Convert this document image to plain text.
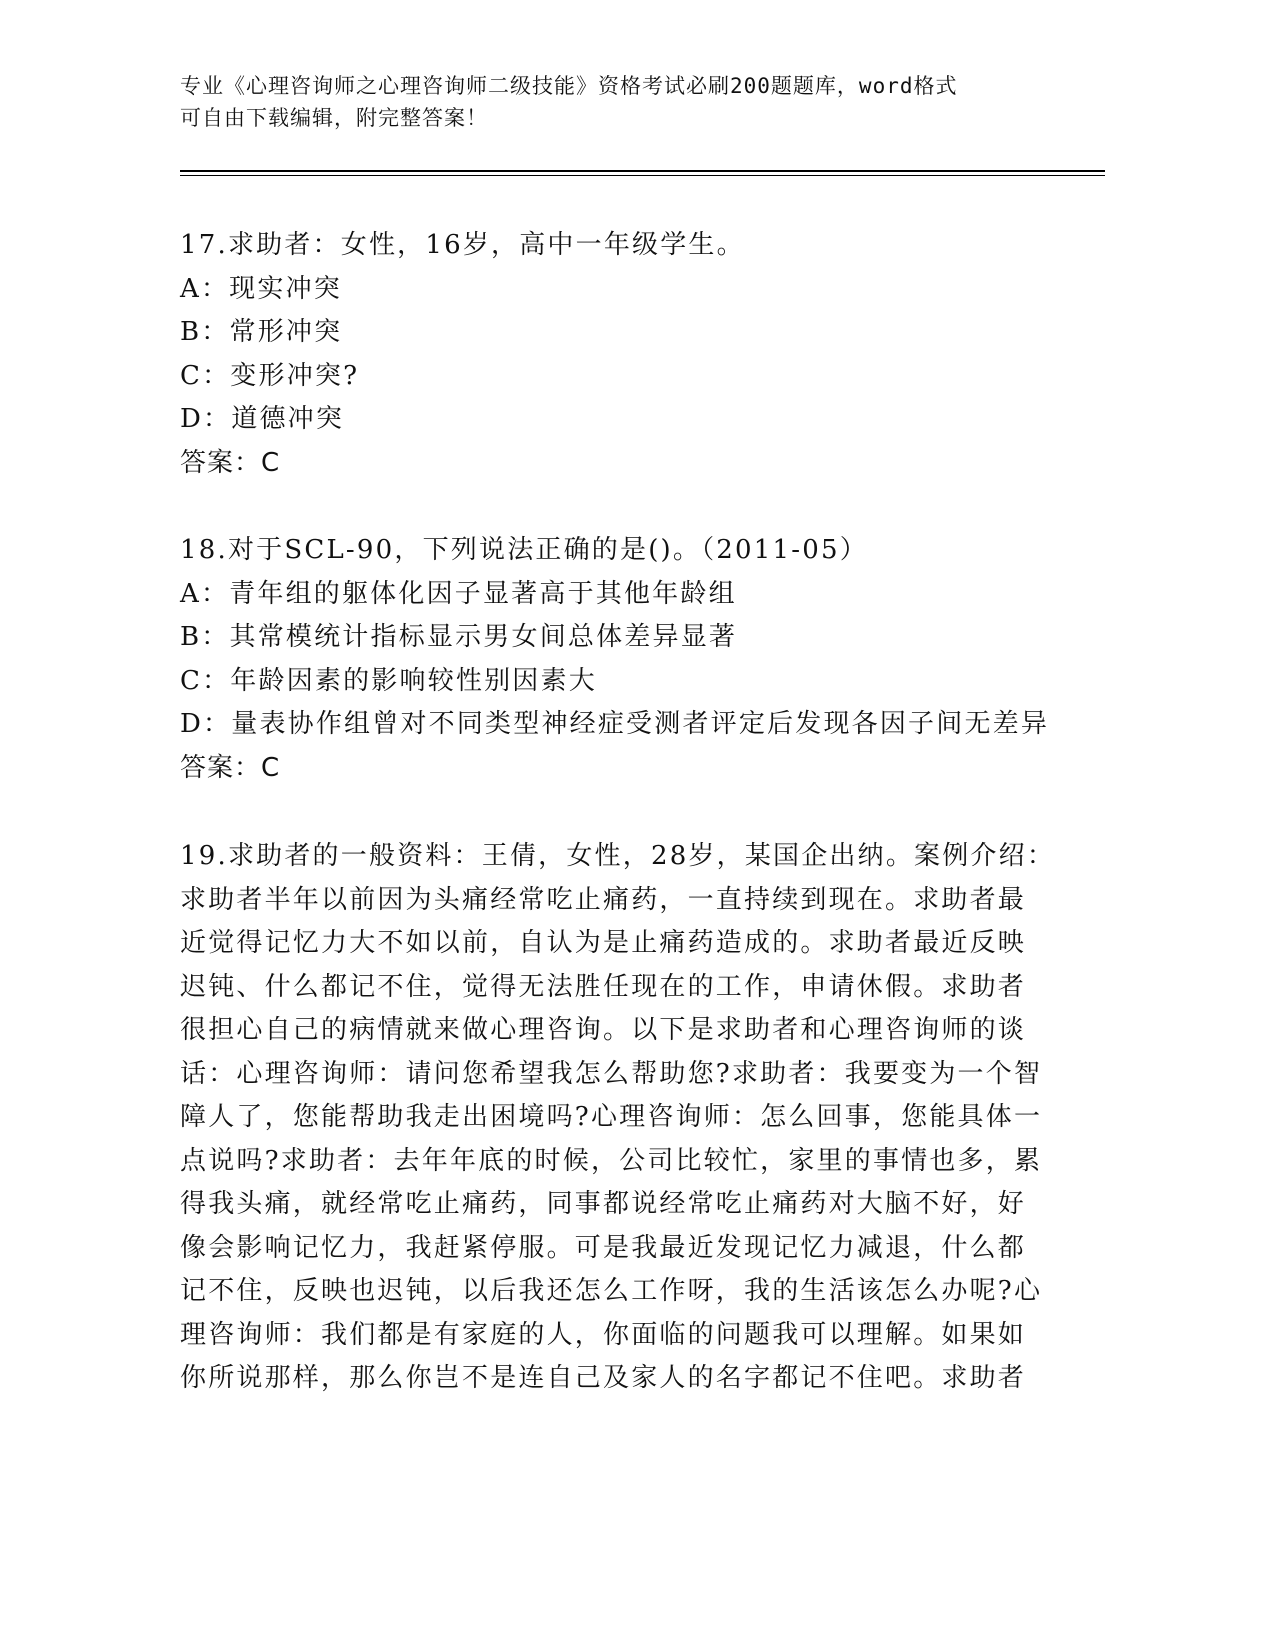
专业《心理咨询师之心理咨询师二级技能》资格考试必刷200题题库，word格式
可自由下载编辑，附完整答案！
17.求助者：女性，16岁，高中一年级学生。
A：现实冲突
B：常形冲突
C：变形冲突?
D：道德冲突
答案：C
18.对于SCL-90，下列说法正确的是()。（2011-05）
A：青年组的躯体化因子显著高于其他年龄组
B：其常模统计指标显示男女间总体差异显著
C：年龄因素的影响较性别因素大
D：量表协作组曾对不同类型神经症受测者评定后发现各因子间无差异
答案：C
19.求助者的一般资料：王倩，女性，28岁，某国企出纳。案例介绍：
求助者半年以前因为头痛经常吃止痛药，一直持续到现在。求助者最
近觉得记忆力大不如以前，自认为是止痛药造成的。求助者最近反映
迟钝、什么都记不住，觉得无法胜任现在的工作，申请休假。求助者
很担心自己的病情就来做心理咨询。以下是求助者和心理咨询师的谈
话：心理咨询师：请问您希望我怎么帮助您?求助者：我要变为一个智
障人了，您能帮助我走出困境吗?心理咨询师：怎么回事，您能具体一
点说吗?求助者：去年年底的时候，公司比较忙，家里的事情也多，累
得我头痛，就经常吃止痛药，同事都说经常吃止痛药对大脑不好，好
像会影响记忆力，我赶紧停服。可是我最近发现记忆力减退，什么都
记不住，反映也迟钝，以后我还怎么工作呀，我的生活该怎么办呢?心
理咨询师：我们都是有家庭的人，你面临的问题我可以理解。如果如
你所说那样，那么你岂不是连自己及家人的名字都记不住吧。求助者
